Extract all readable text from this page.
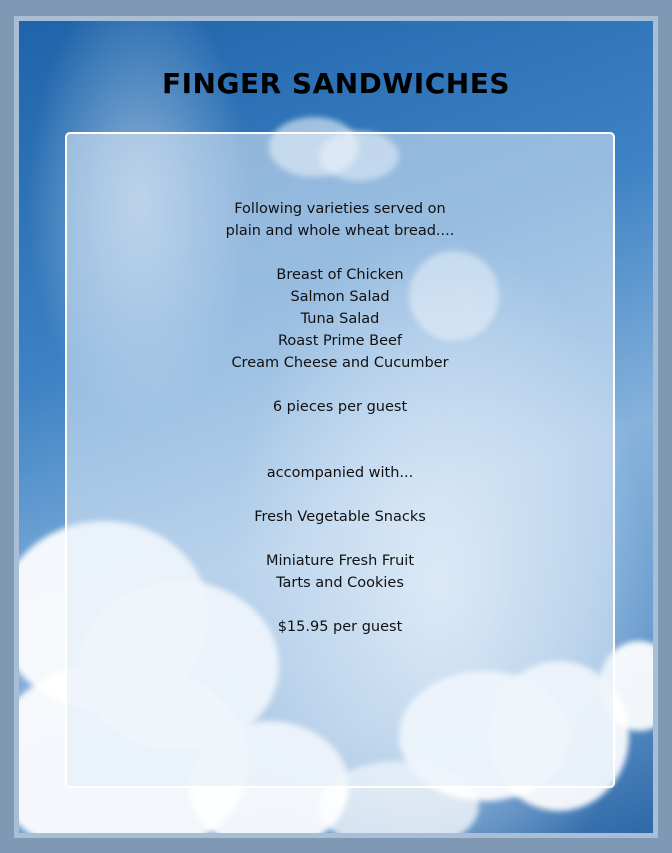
FINGER SANDWICHES
Following varieties served on
plain and whole wheat bread....
Breast of Chicken
Salmon Salad
Tuna Salad
Roast Prime Beef
Cream Cheese and Cucumber
6 pieces per guest
accompanied with...
Fresh Vegetable Snacks
Miniature Fresh Fruit
Tarts and Cookies
$15.95 per guest
